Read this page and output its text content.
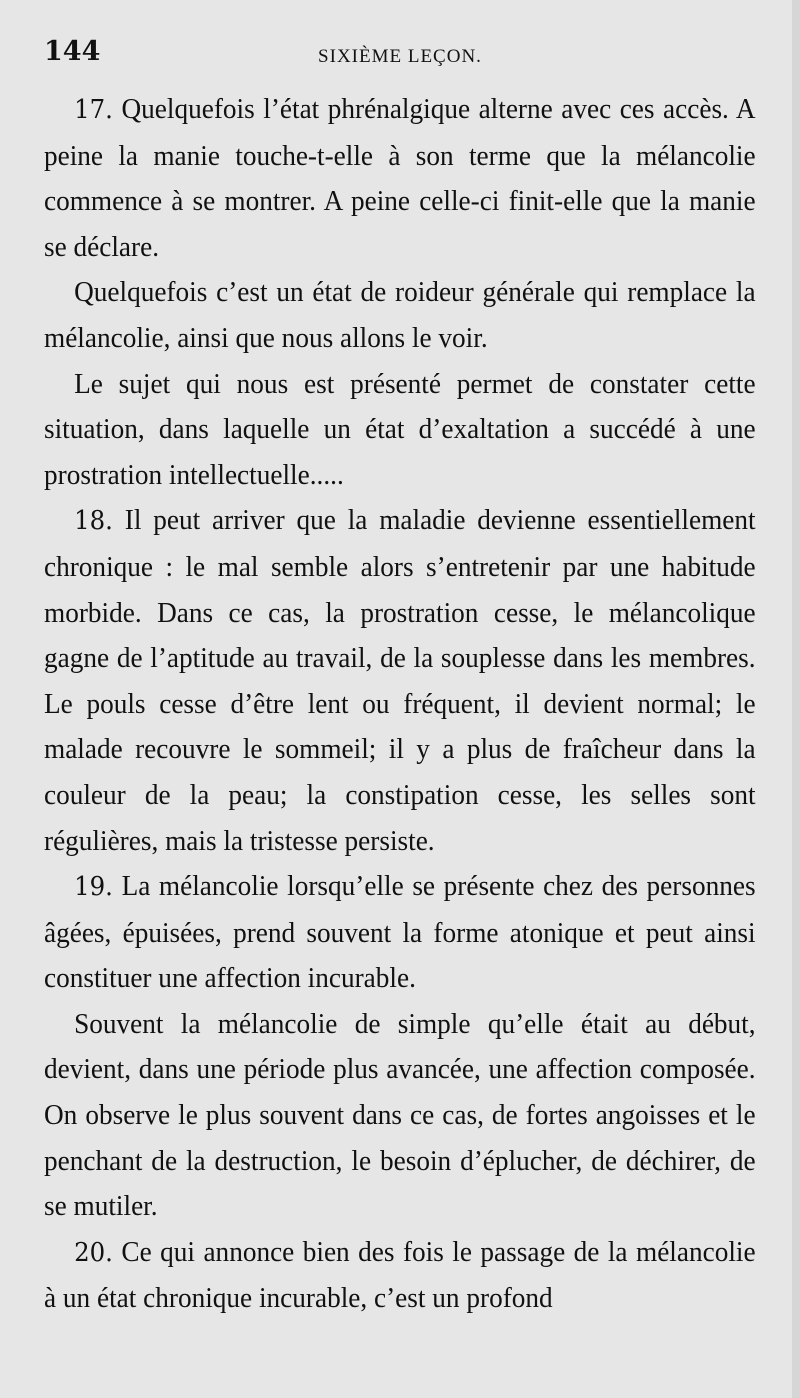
144	SIXIÈME LEÇON.

17. Quelquefois l’état phrénalgique alterne avec ces accès. A peine la manie touche-t-elle à son terme que la mélancolie commence à se montrer. A peine celle-ci finit-elle que la manie se déclare.

Quelquefois c’est un état de roideur générale qui remplace la mélancolie, ainsi que nous allons le voir.

Le sujet qui nous est présenté permet de constater cette situation, dans laquelle un état d’exaltation a succédé à une prostration intellectuelle.....

18. Il peut arriver que la maladie devienne essentiellement chronique : le mal semble alors s’entretenir par une habitude morbide. Dans ce cas, la prostration cesse, le mélancolique gagne de l’aptitude au travail, de la souplesse dans les membres. Le pouls cesse d’être lent ou fréquent, il devient normal; le malade recouvre le sommeil; il y a plus de fraîcheur dans la couleur de la peau; la constipation cesse, les selles sont régulières, mais la tristesse persiste.

19. La mélancolie lorsqu’elle se présente chez des personnes âgées, épuisées, prend souvent la forme atonique et peut ainsi constituer une affection incurable.

Souvent la mélancolie de simple qu’elle était au début, devient, dans une période plus avancée, une affection composée. On observe le plus souvent dans ce cas, de fortes angoisses et le penchant de la destruction, le besoin d’éplucher, de déchirer, de se mutiler.

20. Ce qui annonce bien des fois le passage de la mélancolie à un état chronique incurable, c’est un profond
